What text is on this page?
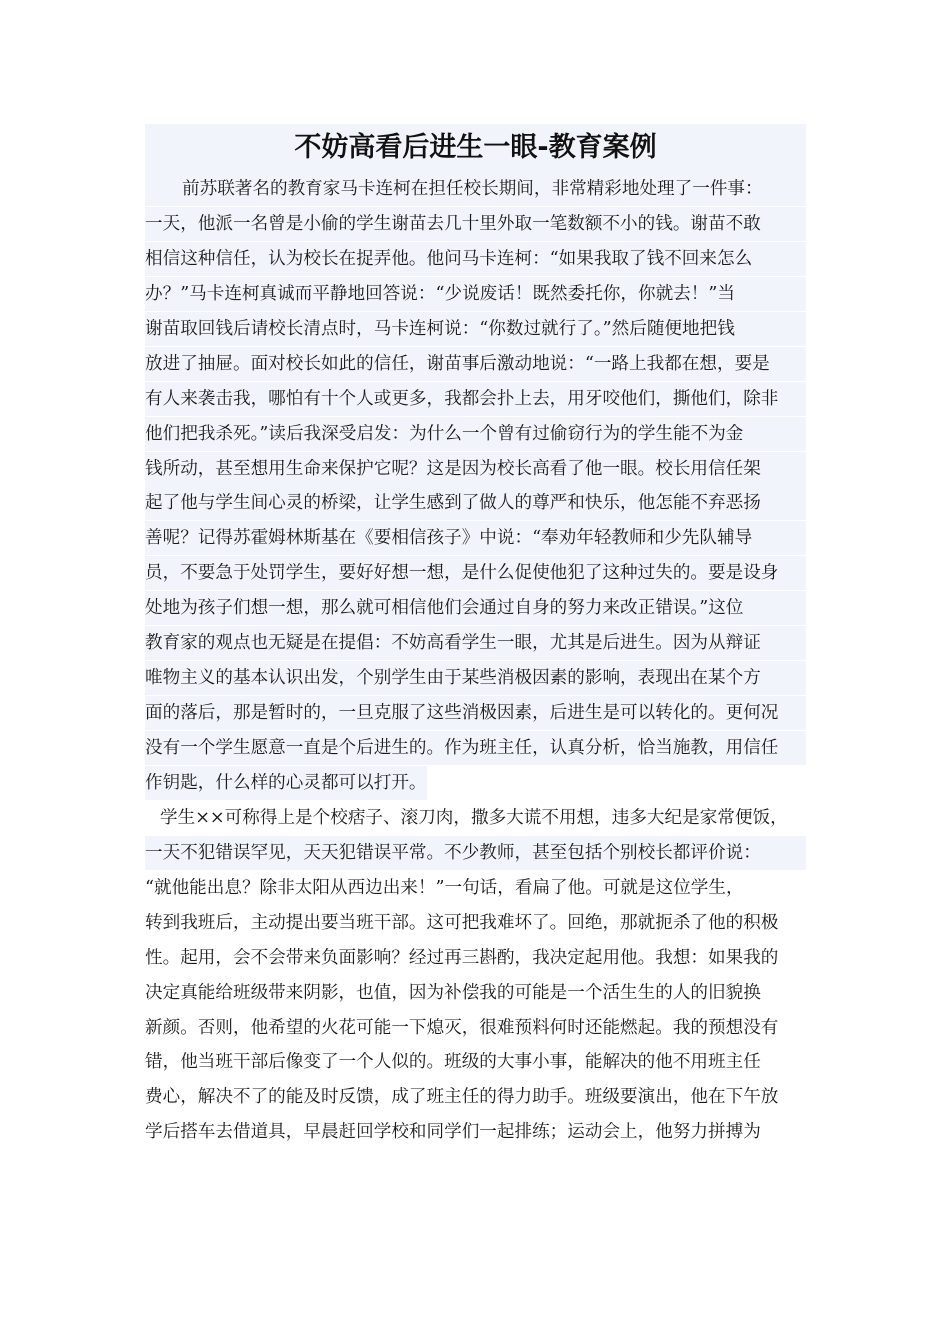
不妨高看后进生一眼-教育案例
前苏联著名的教育家马卡连柯在担任校长期间，非常精彩地处理了一件事：
一天，他派一名曾是小偷的学生谢苗去几十里外取一笔数额不小的钱。谢苗不敢
相信这种信任，认为校长在捉弄他。他问马卡连柯：“如果我取了钱不回来怎么
办？”马卡连柯真诚而平静地回答说：“少说废话！既然委托你，你就去！”当
谢苗取回钱后请校长清点时，马卡连柯说：“你数过就行了。”然后随便地把钱
放进了抽屉。面对校长如此的信任，谢苗事后激动地说：“一路上我都在想，要是
有人来袭击我，哪怕有十个人或更多，我都会扑上去，用牙咬他们，撕他们，除非
他们把我杀死。”读后我深受启发：为什么一个曾有过偷窃行为的学生能不为金
钱所动，甚至想用生命来保护它呢？这是因为校长高看了他一眼。校长用信任架
起了他与学生间心灵的桥梁，让学生感到了做人的尊严和快乐，他怎能不弃恶扬
善呢？记得苏霍姆林斯基在《要相信孩子》中说：“奉劝年轻教师和少先队辅导
员，不要急于处罚学生，要好好想一想，是什么促使他犯了这种过失的。要是设身
处地为孩子们想一想，那么就可相信他们会通过自身的努力来改正错误。”这位
教育家的观点也无疑是在提倡：不妨高看学生一眼，尤其是后进生。因为从辩证
唯物主义的基本认识出发，个别学生由于某些消极因素的影响，表现出在某个方
面的落后，那是暂时的，一旦克服了这些消极因素，后进生是可以转化的。更何况
没有一个学生愿意一直是个后进生的。作为班主任，认真分析，恰当施教，用信任
作钥匙，什么样的心灵都可以打开。
学生××可称得上是个校痞子、滚刀肉，撒多大谎不用想，违多大纪是家常便饭，
一天不犯错误罕见，天天犯错误平常。不少教师，甚至包括个别校长都评价说：
“就他能出息？除非太阳从西边出来！”一句话，看扁了他。可就是这位学生，
转到我班后，主动提出要当班干部。这可把我难坏了。回绝，那就扼杀了他的积极
性。起用，会不会带来负面影响？经过再三斟酌，我决定起用他。我想：如果我的
决定真能给班级带来阴影，也值，因为补偿我的可能是一个活生生的人的旧貌换
新颜。否则，他希望的火花可能一下熄灭，很难预料何时还能燃起。我的预想没有
错，他当班干部后像变了一个人似的。班级的大事小事，能解决的他不用班主任
费心，解决不了的能及时反馈，成了班主任的得力助手。班级要演出，他在下午放
学后搭车去借道具，早晨赶回学校和同学们一起排练；运动会上，他努力拼搏为
